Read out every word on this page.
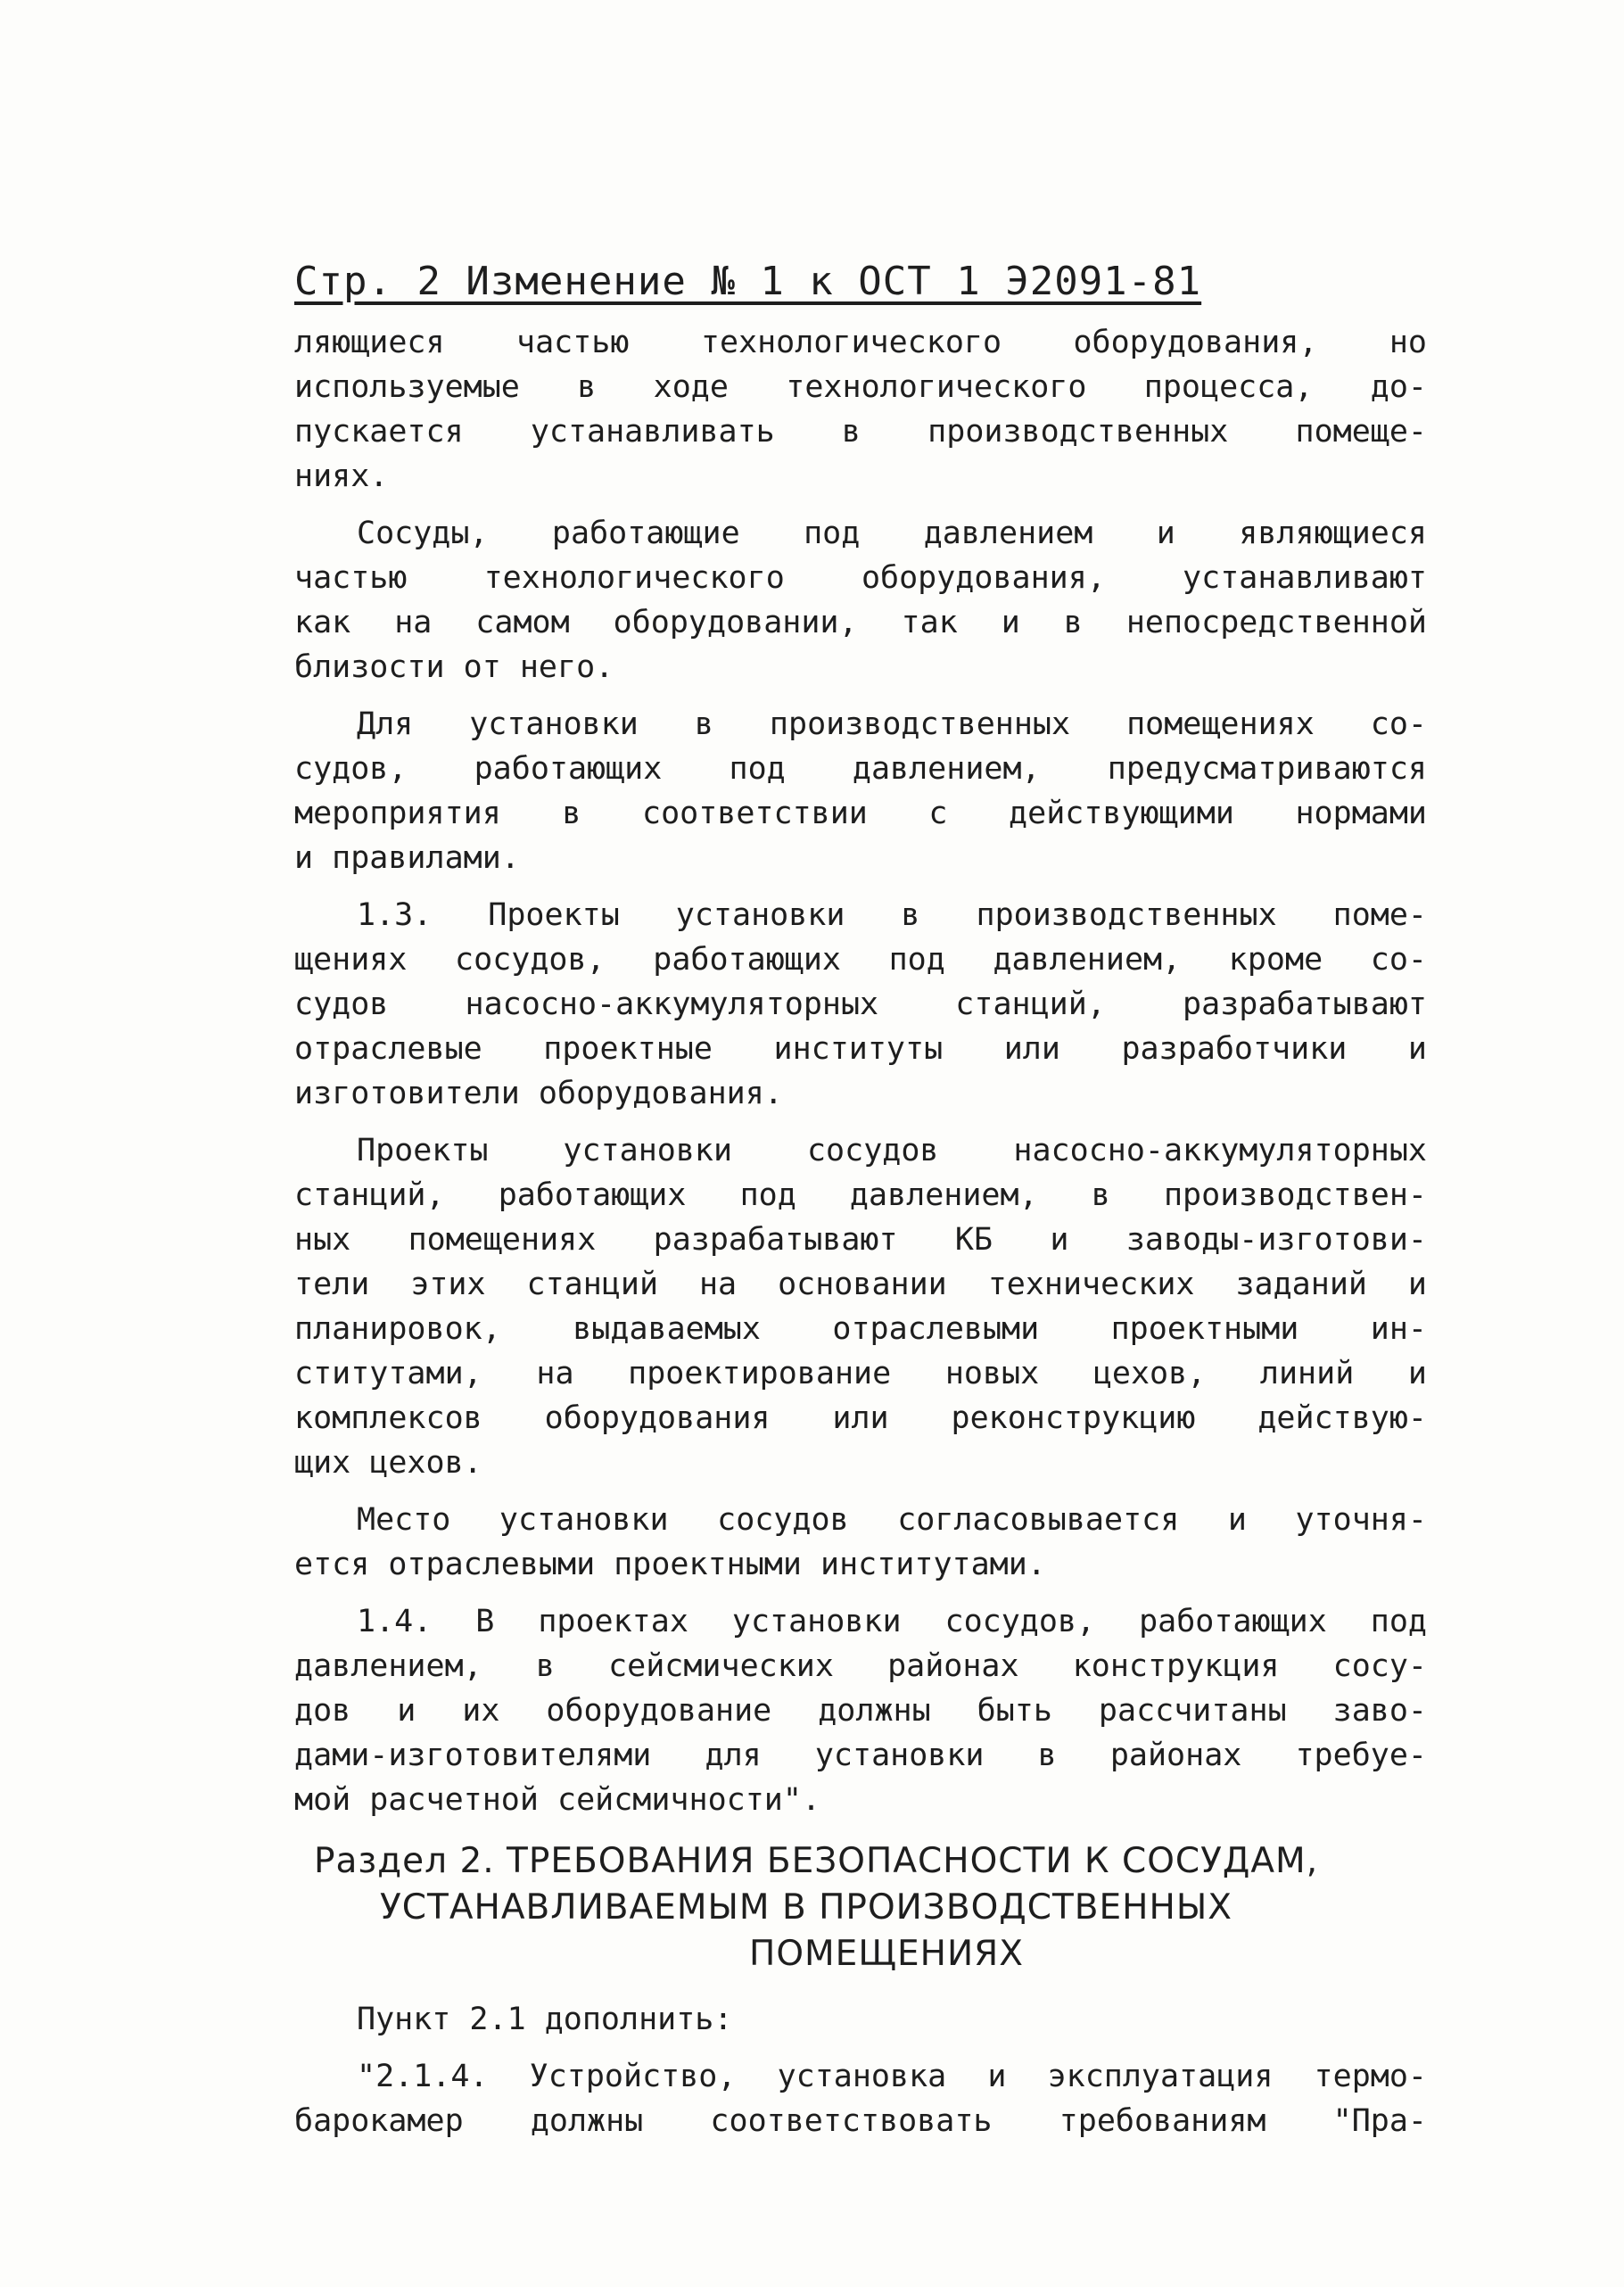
Стр. 2 Изменение № 1 к ОСТ 1 Э2091-81
ляющиеся частью технологического оборудования, но
используемые в ходе технологического процесса, до-
пускается устанавливать в производственных помеще-
ниях.
Сосуды, работающие под давлением и являющиеся
частью технологического оборудования, устанавливают
как на самом оборудовании, так и в непосредственной
близости от него.
Для установки в производственных помещениях со-
судов, работающих под давлением, предусматриваются
мероприятия в соответствии с действующими нормами
и правилами.
1.3. Проекты установки в производственных поме-
щениях сосудов, работающих под давлением, кроме со-
судов насосно-аккумуляторных станций, разрабатывают
отраслевые проектные институты или разработчики и
изготовители оборудования.
Проекты установки сосудов насосно-аккумуляторных
станций, работающих под давлением, в производствен-
ных помещениях разрабатывают КБ и заводы-изготови-
тели этих станций на основании технических заданий и
планировок, выдаваемых отраслевыми проектными ин-
ститутами, на проектирование новых цехов, линий и
комплексов оборудования или реконструкцию действую-
щих цехов.
Место установки сосудов согласовывается и уточня-
ется отраслевыми проектными институтами.
1.4. В проектах установки сосудов, работающих под
давлением, в сейсмических районах конструкция сосу-
дов и их оборудование должны быть рассчитаны заво-
дами-изготовителями для установки в районах требуе-
мой расчетной сейсмичности".
Раздел 2. ТРЕБОВАНИЯ БЕЗОПАСНОСТИ К СОСУДАМ,
УСТАНАВЛИВАЕМЫМ В ПРОИЗВОДСТВЕННЫХ
ПОМЕЩЕНИЯХ
Пункт 2.1 дополнить:
"2.1.4. Устройство, установка и эксплуатация термо-
барокамер должны соответствовать требованиям "Пра-
